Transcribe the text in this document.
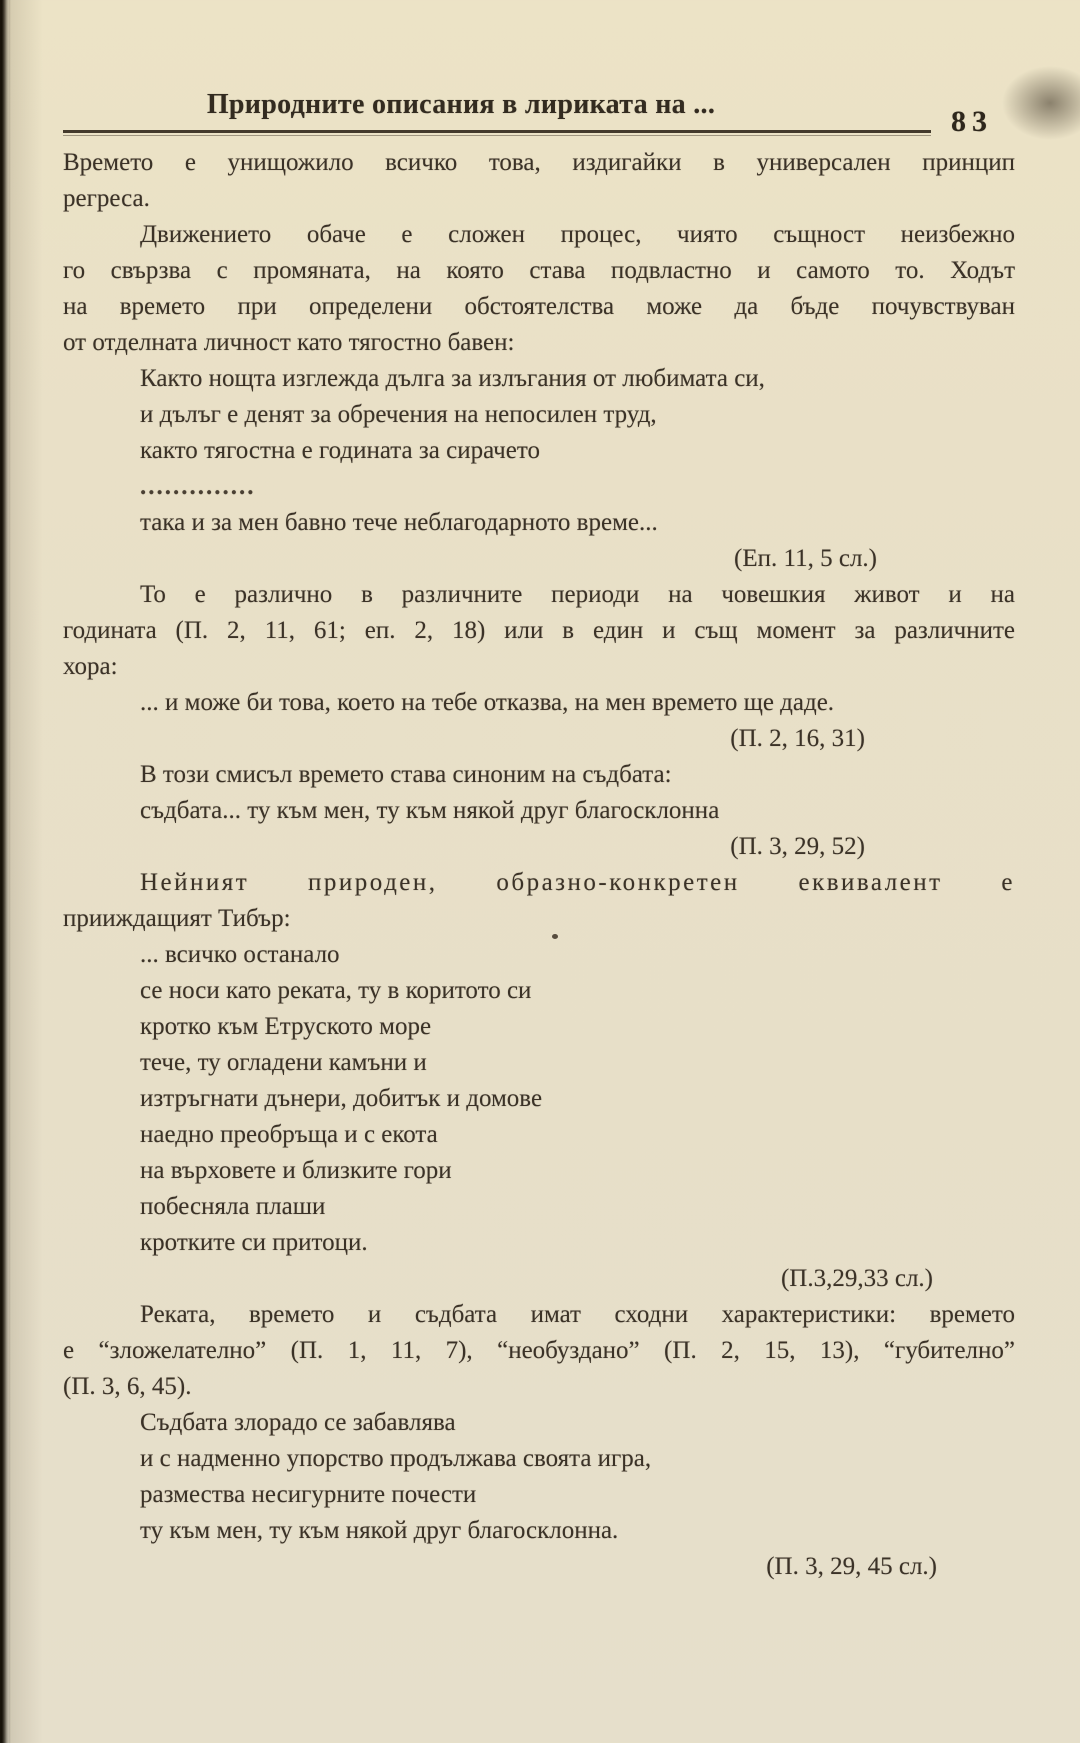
Природните описания в лириката на ...
83
Времето е унищожило всичко това, издигайки в универсален принцип
регреса.
Движението обаче е сложен процес, чиято същност неизбежно
го свързва с промяната, на която става подвластно и самото то. Ходът
на времето при определени обстоятелства може да бъде почувствуван
от отделната личност като тягостно бавен:
Както нощта изглежда дълга за излъгания от любимата си,
и дълъг е денят за обречения на непосилен труд,
както тягостна е годината за сирачето
..............
така и за мен бавно тече неблагодарното време...
(Еп. 11, 5 сл.)
То е различно в различните периоди на човешкия живот и на
годината (П. 2, 11, 61; еп. 2, 18) или в един и същ момент за различните
хора:
... и може би това, което на тебе отказва, на мен времето ще даде.
(П. 2, 16, 31)
В този смисъл времето става синоним на съдбата:
съдбата... ту към мен, ту към някой друг благосклонна
(П. 3, 29, 52)
Нейният природен, образно-конкретен еквивалент е
прииждащият Тибър:
... всичко останало
се носи като реката, ту в коритото си
кротко към Етруското море
тече, ту огладени камъни и
изтръгнати дънери, добитък и домове
наедно преобръща и с екота
на върховете и близките гори
побесняла плаши
кротките си притоци.
(П.3,29,33 сл.)
Реката, времето и съдбата имат сходни характеристики: времето
е “зложелателно” (П. 1, 11, 7), “необуздано” (П. 2, 15, 13), “губително”
(П. 3, 6, 45).
Съдбата злорадо се забавлява
и с надменно упорство продължава своята игра,
размества несигурните почести
ту към мен, ту към някой друг благосклонна.
(П. 3, 29, 45 сл.)
